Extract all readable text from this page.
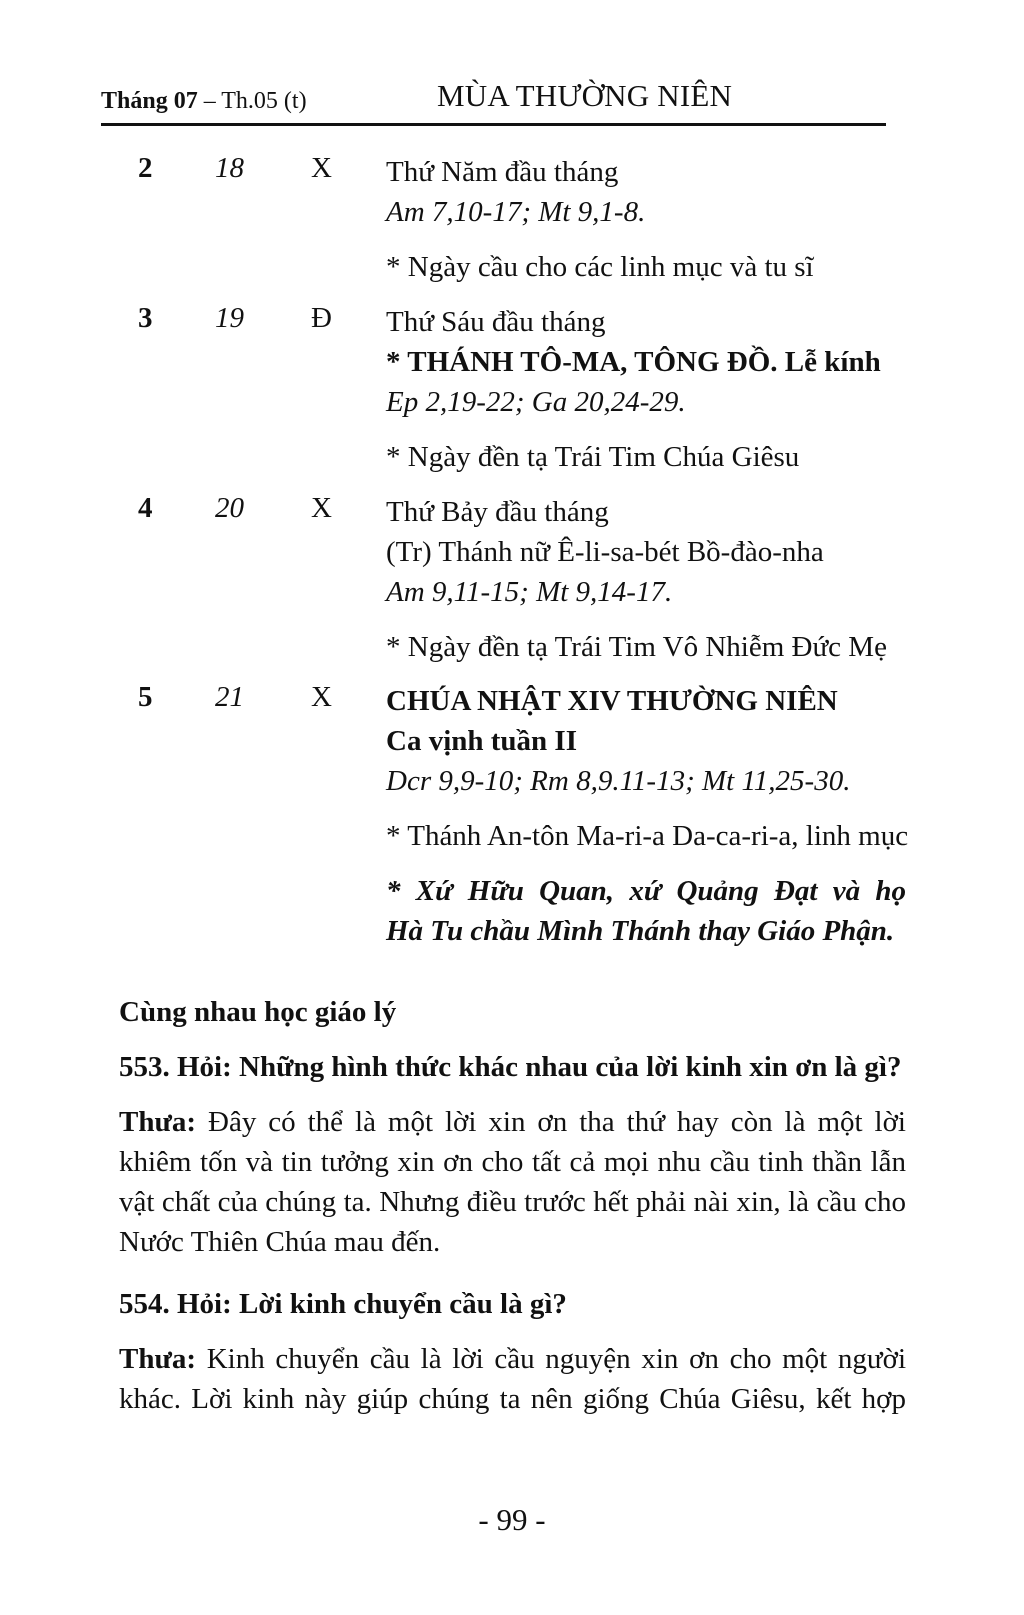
Tháng 07 – Th.05 (t)	MÙA THƯỜNG NIÊN
2	18	X	Thứ Năm đầu tháng
Am 7,10-17; Mt 9,1-8.
* Ngày cầu cho các linh mục và tu sĩ
3	19	Đ	Thứ Sáu đầu tháng
* THÁNH TÔ-MA, TÔNG ĐỒ. Lễ kính
Ep 2,19-22; Ga 20,24-29.
* Ngày đền tạ Trái Tim Chúa Giêsu
4	20	X	Thứ Bảy đầu tháng
(Tr) Thánh nữ Ê-li-sa-bét Bồ-đào-nha
Am 9,11-15; Mt 9,14-17.
* Ngày đền tạ Trái Tim Vô Nhiễm Đức Mẹ
5	21	X	CHÚA NHẬT XIV THƯỜNG NIÊN
Ca vịnh tuần II
Dcr 9,9-10; Rm 8,9.11-13; Mt 11,25-30.
* Thánh An-tôn Ma-ri-a Da-ca-ri-a, linh mục
* Xứ Hữu Quan, xứ Quảng Đạt và họ
Hà Tu chầu Mình Thánh thay Giáo Phận.
Cùng nhau học giáo lý
553. Hỏi: Những hình thức khác nhau của lời kinh xin ơn là gì?
Thưa: Đây có thể là một lời xin ơn tha thứ hay còn là một lời khiêm tốn và tin tưởng xin ơn cho tất cả mọi nhu cầu tinh thần lẫn vật chất của chúng ta. Nhưng điều trước hết phải nài xin, là cầu cho Nước Thiên Chúa mau đến.
554. Hỏi: Lời kinh chuyển cầu là gì?
Thưa: Kinh chuyển cầu là lời cầu nguyện xin ơn cho một người khác. Lời kinh này giúp chúng ta nên giống Chúa Giêsu, kết hợp
- 99 -
